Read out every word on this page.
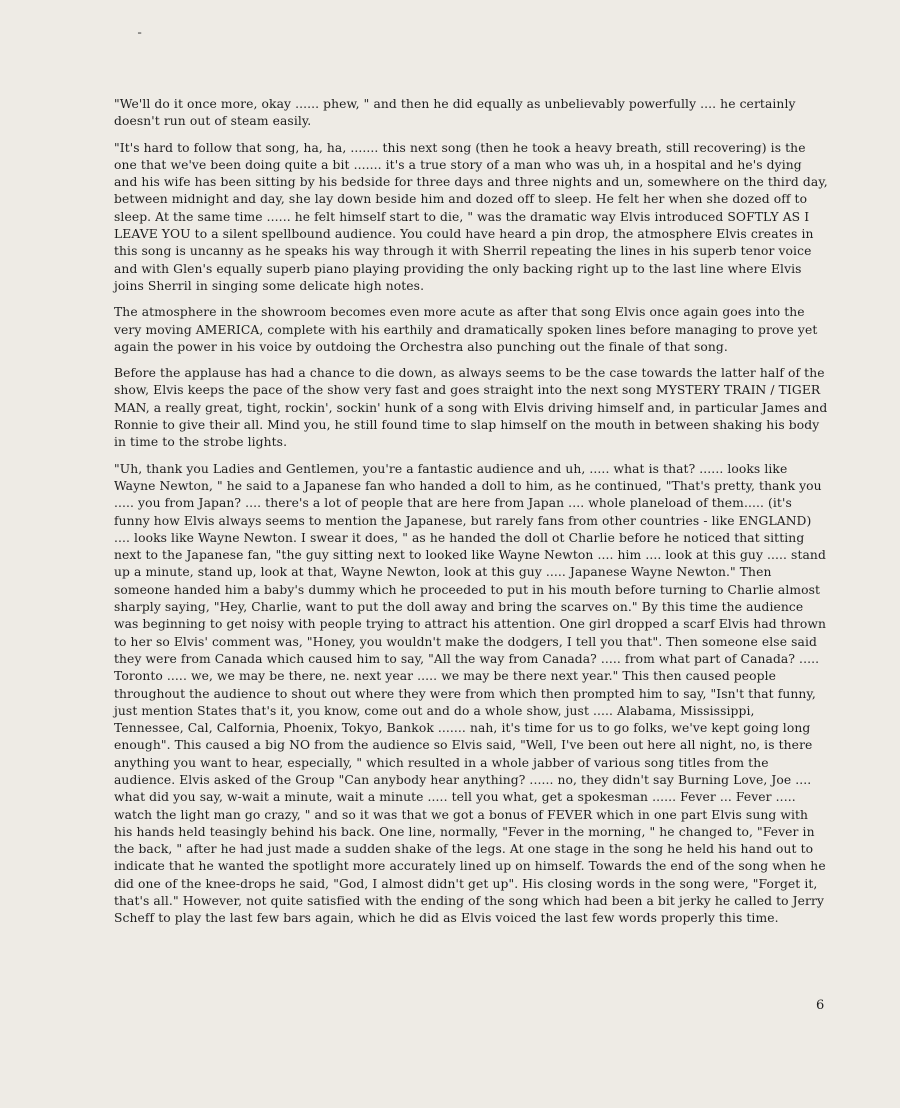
-

"We'll do it once more, okay ...... phew, " and then he did equally as unbelievably powerfully .... he certainly doesn't run out of steam easily.

"It's hard to follow that song, ha, ha, ....... this next song (then he took a heavy breath, still recovering) is the one that we've been doing quite a bit ....... it's a true story of a man who was uh, in a hospital and he's dying and his wife has been sitting by his bedside for three days and three nights and un, somewhere on the third day, between midnight and day, she lay down beside him and dozed off to sleep. He felt her when she dozed off to sleep. At the same time ...... he felt himself start to die, " was the dramatic way Elvis introduced SOFTLY AS I LEAVE YOU to a silent spellbound audience. You could have heard a pin drop, the atmosphere Elvis creates in this song is uncanny as he speaks his way through it with Sherril repeating the lines in his superb tenor voice and with Glen's equally superb piano playing providing the only backing right up to the last line where Elvis joins Sherril in singing some delicate high notes.

The atmosphere in the showroom becomes even more acute as after that song Elvis once again goes into the very moving AMERICA, complete with his earthily and dramatically spoken lines before managing to prove yet again the power in his voice by outdoing the Orchestra also punching out the finale of that song.

Before the applause has had a chance to die down, as always seems to be the case towards the latter half of the show, Elvis keeps the pace of the show very fast and goes straight into the next song MYSTERY TRAIN / TIGER MAN, a really great, tight, rockin', sockin' hunk of a song with Elvis driving himself and, in particular James and Ronnie to give their all. Mind you, he still found time to slap himself on the mouth in between shaking his body in time to the strobe lights.

"Uh, thank you Ladies and Gentlemen, you're a fantastic audience and uh, ..... what is that? ...... looks like Wayne Newton, " he said to a Japanese fan who handed a doll to him, as he continued, "That's pretty, thank you ..... you from Japan? .... there's a lot of people that are here from Japan .... whole planeload of them..... (it's funny how Elvis always seems to mention the Japanese, but rarely fans from other countries - like ENGLAND) .... looks like Wayne Newton. I swear it does, " as he handed the doll ot Charlie before he noticed that sitting next to the Japanese fan, "the guy sitting next to looked like Wayne Newton .... him .... look at this guy ..... stand up a minute, stand up, look at that, Wayne Newton, look at this guy ..... Japanese Wayne Newton." Then someone handed him a baby's dummy which he proceeded to put in his mouth before turning to Charlie almost sharply saying, "Hey, Charlie, want to put the doll away and bring the scarves on." By this time the audience was beginning to get noisy with people trying to attract his attention. One girl dropped a scarf Elvis had thrown to her so Elvis' comment was, "Honey, you wouldn't make the dodgers, I tell you that". Then someone else said they were from Canada which caused him to say, "All the way from Canada? ..... from what part of Canada? ..... Toronto ..... we, we may be there, ne. next year ..... we may be there next year." This then caused people throughout the audience to shout out where they were from which then prompted him to say, "Isn't that funny, just mention States that's it, you know, come out and do a whole show, just ..... Alabama, Mississippi, Tennessee, Cal, Calfornia, Phoenix, Tokyo, Bankok ....... nah, it's time for us to go folks, we've kept going long enough". This caused a big NO from the audience so Elvis said, "Well, I've been out here all night, no, is there anything you want to hear, especially, " which resulted in a whole jabber of various song titles from the audience. Elvis asked of the Group "Can anybody hear anything? ...... no, they didn't say Burning Love, Joe .... what did you say, w-wait a minute, wait a minute ..... tell you what, get a spokesman ...... Fever ... Fever ..... watch the light man go crazy, " and so it was that we got a bonus of FEVER which in one part Elvis sung with his hands held teasingly behind his back. One line, normally, "Fever in the morning, " he changed to, "Fever in the back, " after he had just made a sudden shake of the legs. At one stage in the song he held his hand out to indicate that he wanted the spotlight more accurately lined up on himself. Towards the end of the song when he did one of the knee-drops he said, "God, I almost didn't get up". His closing words in the song were, "Forget it, that's all." However, not quite satisfied with the ending of the song which had been a bit jerky he called to Jerry Scheff to play the last few bars again, which he did as Elvis voiced the last few words properly this time.

6
